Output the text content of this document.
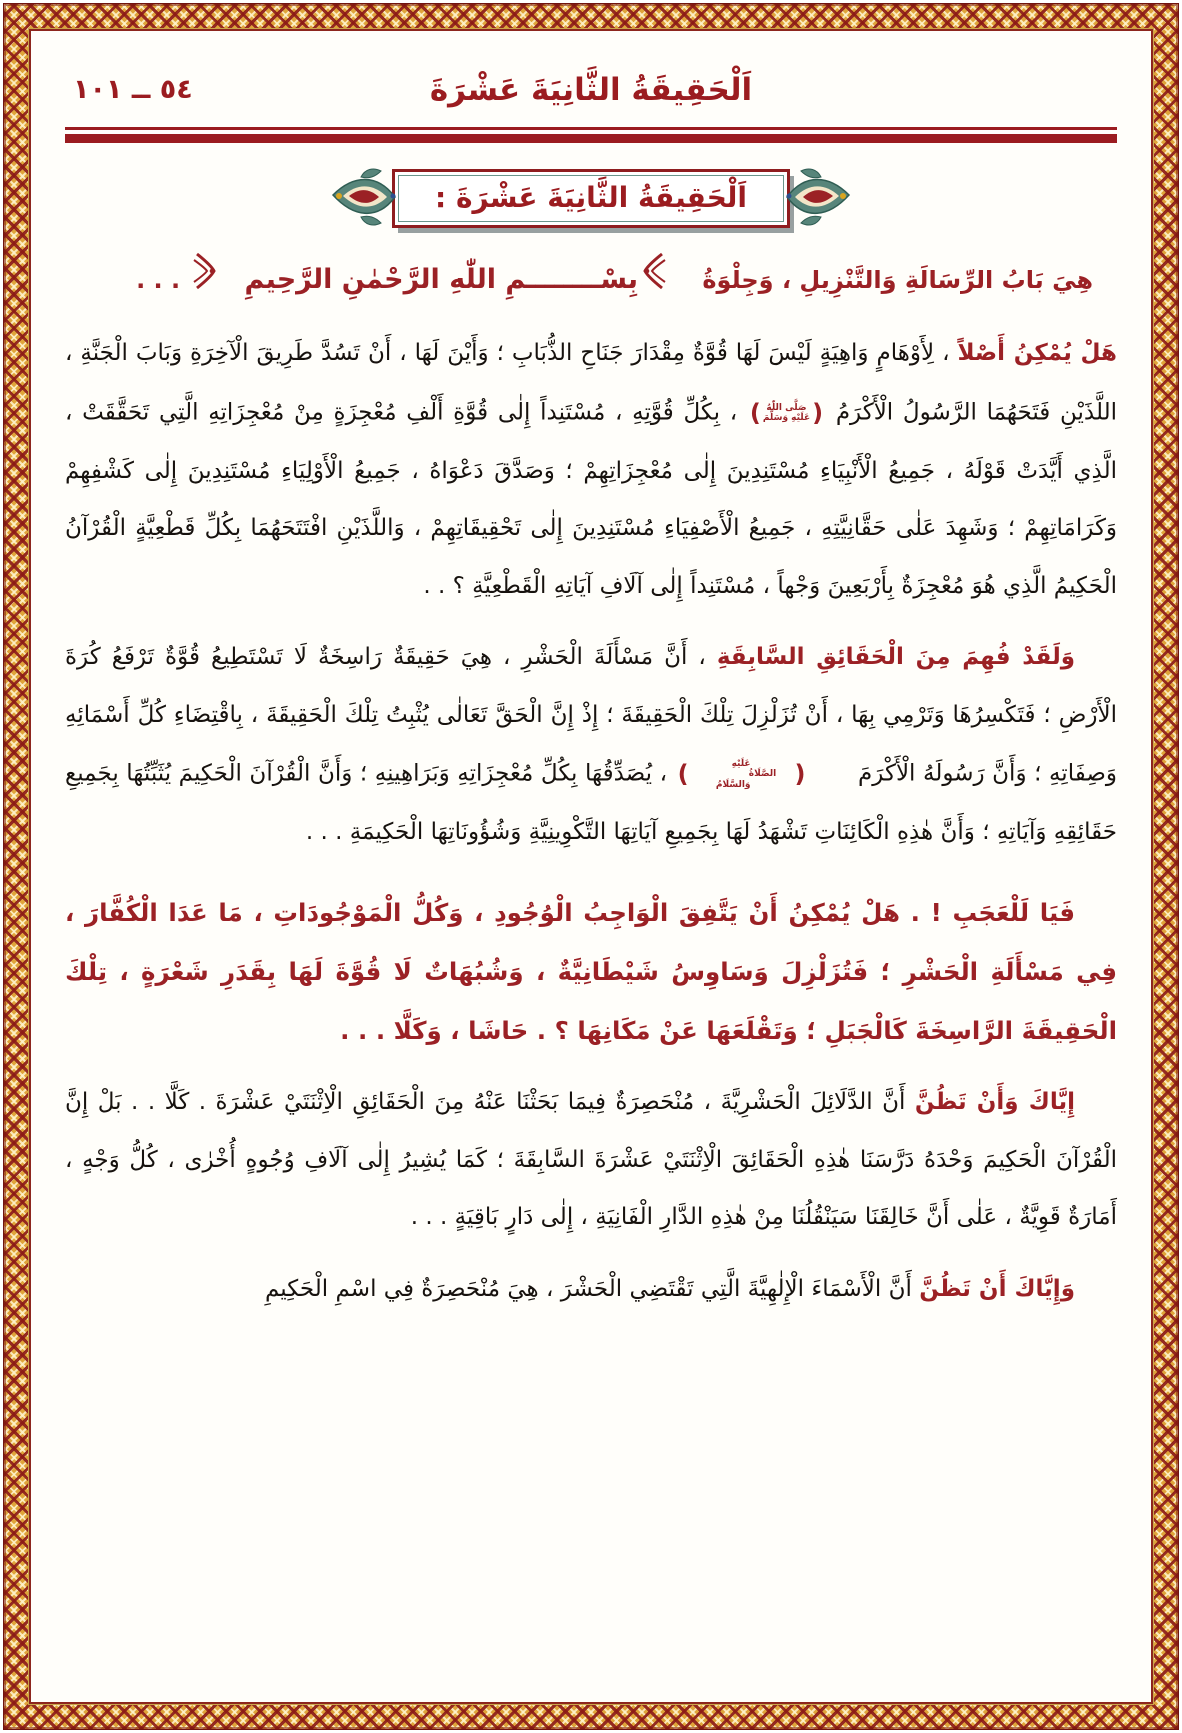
٥٤ ــ ١٠١	اَلْحَقِيقَةُ الثَّانِيَةَ عَشْرَةَ
اَلْحَقِيقَةُ الثَّانِيَةَ عَشْرَةَ :

هِيَ بَابُ الرِّسَالَةِ وَالتَّنْزِيلِ ، وَجِلْوَةُ بِسْــــــــمِ اللّٰهِ الرَّحْمٰنِ الرَّحِيمِ . . .

هَلْ يُمْكِنُ أَصْلاً ، لِأَوْهَامٍ وَاهِيَةٍ لَيْسَ لَهَا قُوَّةٌ مِقْدَارَ جَنَاحِ الذُّبَابِ ؛ وَأَيْنَ لَهَا ، أَنْ تَسُدَّ طَرِيقَ الْآخِرَةِ وَبَابَ الْجَنَّةِ ، اللَّذَيْنِ فَتَحَهُمَا الرَّسُولُ الْأَكْرَمُ
(
صَلَّى اللّٰهُ
عَلَيْهِ وَسَلَّمَ
)
، بِكُلِّ قُوَّتِهِ ، مُسْتَنِداً إِلٰى قُوَّةِ أَلْفِ مُعْجِزَةٍ مِنْ مُعْجِزَاتِهِ الَّتِي تَحَقَّقَتْ ، الَّذِي أَيَّدَتْ قَوْلَهُ ، جَمِيعُ الْأَنْبِيَاءِ مُسْتَنِدِينَ إِلٰى مُعْجِزَاتِهِمْ ؛ وَصَدَّقَ دَعْوَاهُ ، جَمِيعُ الْأَوْلِيَاءِ مُسْتَنِدِينَ إِلٰى كَشْفِهِمْ وَكَرَامَاتِهِمْ ؛ وَشَهِدَ عَلٰى حَقَّانِيَّتِهِ ، جَمِيعُ الْأَصْفِيَاءِ مُسْتَنِدِينَ إِلٰى تَحْقِيقَاتِهِمْ ، وَاللَّذَيْنِ افْتَتَحَهُمَا بِكُلِّ قَطْعِيَّةٍ الْقُرْآنُ الْحَكِيمُ الَّذِي هُوَ مُعْجِزَةٌ بِأَرْبَعِينَ وَجْهاً ، مُسْتَنِداً إِلٰى آلَافِ آيَاتِهِ الْقَطْعِيَّةِ ؟ . .

وَلَقَدْ فُهِمَ مِنَ الْحَقَائِقِ السَّابِقَةِ ، أَنَّ مَسْأَلَةَ الْحَشْرِ ، هِيَ حَقِيقَةٌ رَاسِخَةٌ لَا تَسْتَطِيعُ قُوَّةٌ تَرْفَعُ كُرَةَ الْأَرْضِ ؛ فَتَكْسِرُهَا وَتَرْمِي بِهَا ، أَنْ تُزَلْزِلَ تِلْكَ الْحَقِيقَةَ ؛ إِذْ إِنَّ الْحَقَّ تَعَالٰى يُثْبِتُ تِلْكَ الْحَقِيقَةَ ، بِاقْتِضَاءِ كُلِّ أَسْمَائِهِ وَصِفَاتِهِ ؛ وَأَنَّ رَسُولَهُ الْأَكْرَمَ
(
عَلَيْهِ الصَّلَاةُ
وَالسَّلَامُ
)
، يُصَدِّقُهَا بِكُلِّ مُعْجِزَاتِهِ وَبَرَاهِينِهِ ؛ وَأَنَّ الْقُرْآنَ الْحَكِيمَ يُثَبِّتُهَا بِجَمِيعِ حَقَائِقِهِ وَآيَاتِهِ ؛ وَأَنَّ هٰذِهِ الْكَائِنَاتِ تَشْهَدُ لَهَا بِجَمِيعِ آيَاتِهَا التَّكْوِينِيَّةِ وَشُؤُونَاتِهَا الْحَكِيمَةِ . . .

فَيَا لَلْعَجَبِ ! . هَلْ يُمْكِنُ أَنْ يَتَّفِقَ الْوَاجِبُ الْوُجُودِ ، وَكُلُّ الْمَوْجُودَاتِ ، مَا عَدَا الْكُفَّارَ ، فِي مَسْأَلَةِ الْحَشْرِ ؛ فَتُزَلْزِلَ وَسَاوِسُ شَيْطَانِيَّةٌ ، وَشُبُهَاتٌ لَا قُوَّةَ لَهَا بِقَدَرِ شَعْرَةٍ ، تِلْكَ الْحَقِيقَةَ الرَّاسِخَةَ كَالْجَبَلِ ؛ وَتَقْلَعَهَا عَنْ مَكَانِهَا ؟ . حَاشَا ، وَكَلَّا . . .

إِيَّاكَ وَأَنْ تَظُنَّ أَنَّ الدَّلَائِلَ الْحَشْرِيَّةَ ، مُنْحَصِرَةٌ فِيمَا بَحَثْنَا عَنْهُ مِنَ الْحَقَائِقِ الْاِثْنَتَيْ عَشْرَةَ . كَلَّا . . بَلْ إِنَّ الْقُرْآنَ الْحَكِيمَ وَحْدَهُ دَرَّسَنَا هٰذِهِ الْحَقَائِقَ الْاِثْنَتَيْ عَشْرَةَ السَّابِقَةَ ؛ كَمَا يُشِيرُ إِلٰى آلَافِ وُجُوهٍ أُخْرٰى ، كُلُّ وَجْهٍ ، أَمَارَةٌ قَوِيَّةٌ ، عَلٰى أَنَّ خَالِقَنَا سَيَنْقُلُنَا مِنْ هٰذِهِ الدَّارِ الْفَانِيَةِ ، إِلٰى دَارٍ بَاقِيَةٍ . . .

وَإِيَّاكَ أَنْ تَظُنَّ أَنَّ الْأَسْمَاءَ الْإِلٰهِيَّةَ الَّتِي تَقْتَضِي الْحَشْرَ ، هِيَ مُنْحَصِرَةٌ فِي اسْمِ الْحَكِيمِ
